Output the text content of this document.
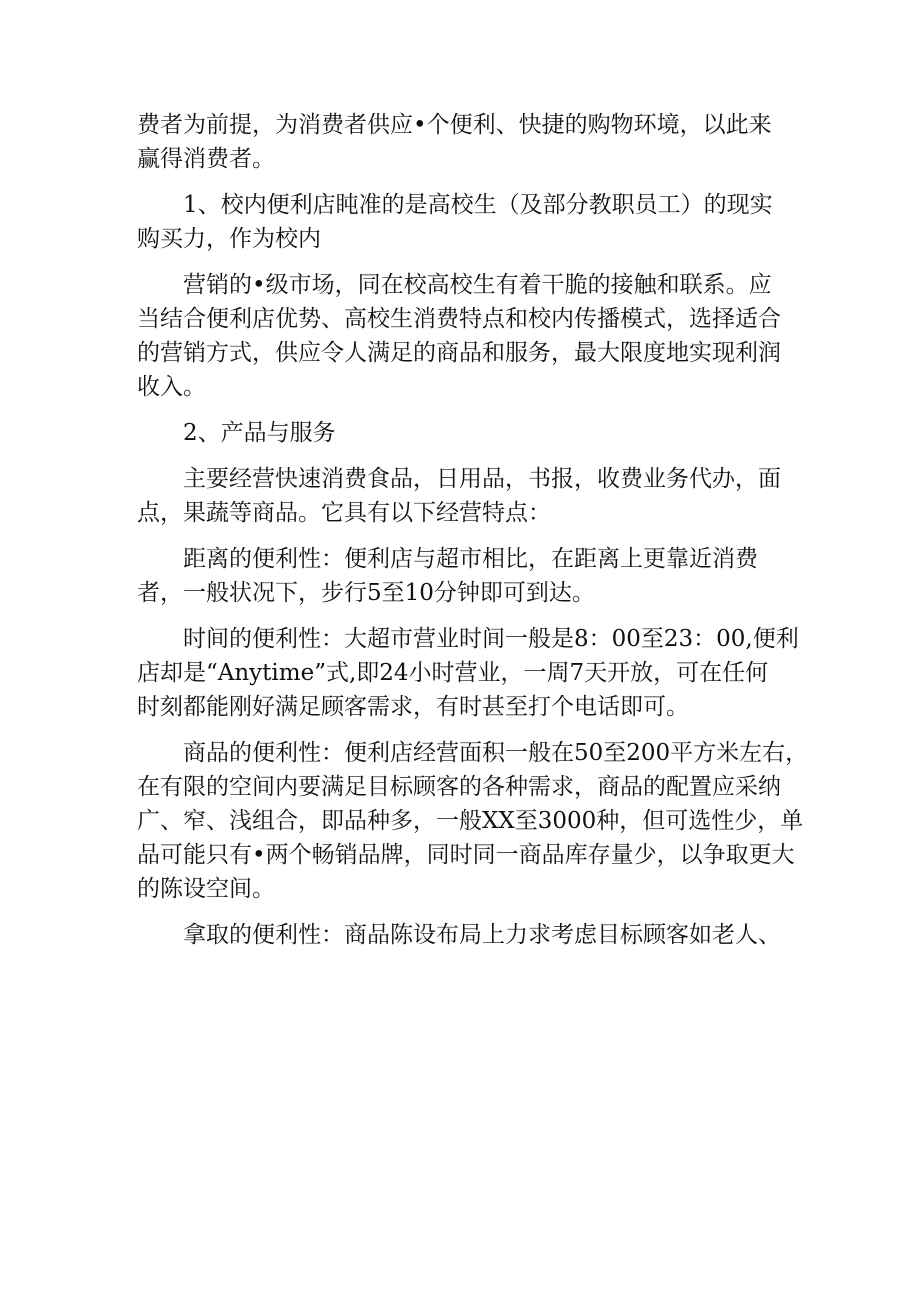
费者为前提，为消费者供应•个便利、快捷的购物环境，以此来
赢得消费者。

1、校内便利店盹准的是高校生（及部分教职员工）的现实
购买力，作为校内

营销的•级市场，同在校高校生有着干脆的接触和联系。应
当结合便利店优势、高校生消费特点和校内传播模式，选择适合
的营销方式，供应令人满足的商品和服务，最大限度地实现利润
收入。

2、产品与服务

主要经营快速消费食品，日用品，书报，收费业务代办，面
点，果蔬等商品。它具有以下经营特点：

距离的便利性：便利店与超市相比，在距离上更靠近消费
者，一般状况下，步行5至10分钟即可到达。

时间的便利性：大超市营业时间一般是8：00至23：00,便利
店却是“Anytime”式,即24小时营业，一周7天开放，可在任何
时刻都能刚好满足顾客需求，有时甚至打个电话即可。

商品的便利性：便利店经营面积一般在50至200平方米左右，
在有限的空间内要满足目标顾客的各种需求，商品的配置应采纳
广、窄、浅组合，即品种多，一般XX至3000种，但可选性少，单
品可能只有•两个畅销品牌，同时同一商品库存量少，以争取更大
的陈设空间。

拿取的便利性：商品陈设布局上力求考虑目标顾客如老人、
